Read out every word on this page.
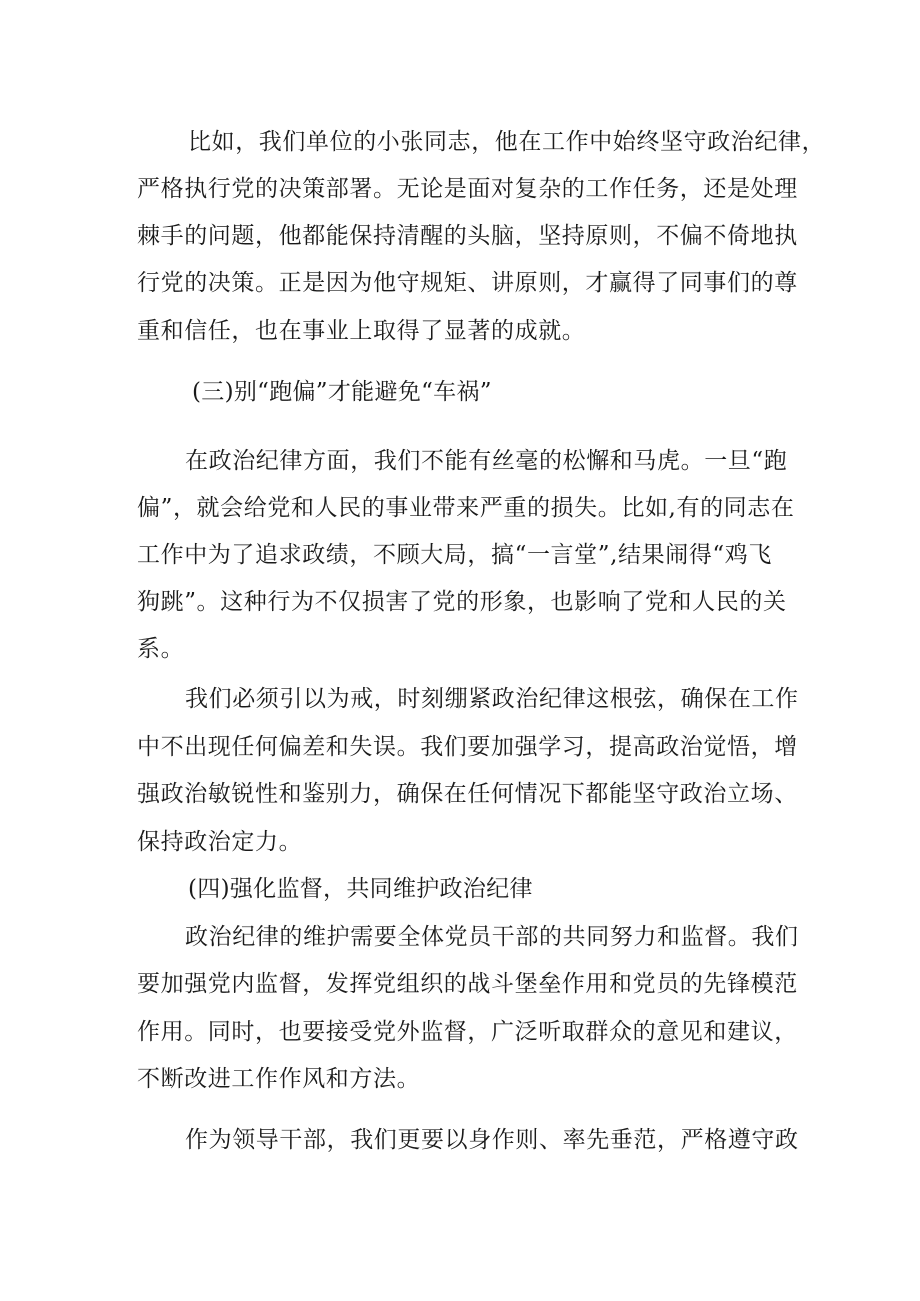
比如，我们单位的小张同志，他在工作中始终坚守政治纪律，
严格执行党的决策部署。无论是面对复杂的工作任务，还是处理
棘手的问题，他都能保持清醒的头脑，坚持原则，不偏不倚地执
行党的决策。正是因为他守规矩、讲原则，才赢得了同事们的尊
重和信任，也在事业上取得了显著的成就。
(三)别“跑偏”才能避免“车祸”
在政治纪律方面，我们不能有丝毫的松懈和马虎。一旦“跑
偏”，就会给党和人民的事业带来严重的损失。比如,有的同志在
工作中为了追求政绩，不顾大局，搞“一言堂”,结果闹得“鸡飞
狗跳”。这种行为不仅损害了党的形象，也影响了党和人民的关
系。
我们必须引以为戒，时刻绷紧政治纪律这根弦，确保在工作
中不出现任何偏差和失误。我们要加强学习，提高政治觉悟，增
强政治敏锐性和鉴别力，确保在任何情况下都能坚守政治立场、
保持政治定力。
(四)强化监督，共同维护政治纪律
政治纪律的维护需要全体党员干部的共同努力和监督。我们
要加强党内监督，发挥党组织的战斗堡垒作用和党员的先锋模范
作用。同时，也要接受党外监督，广泛听取群众的意见和建议，
不断改进工作作风和方法。
作为领导干部，我们更要以身作则、率先垂范，严格遵守政
